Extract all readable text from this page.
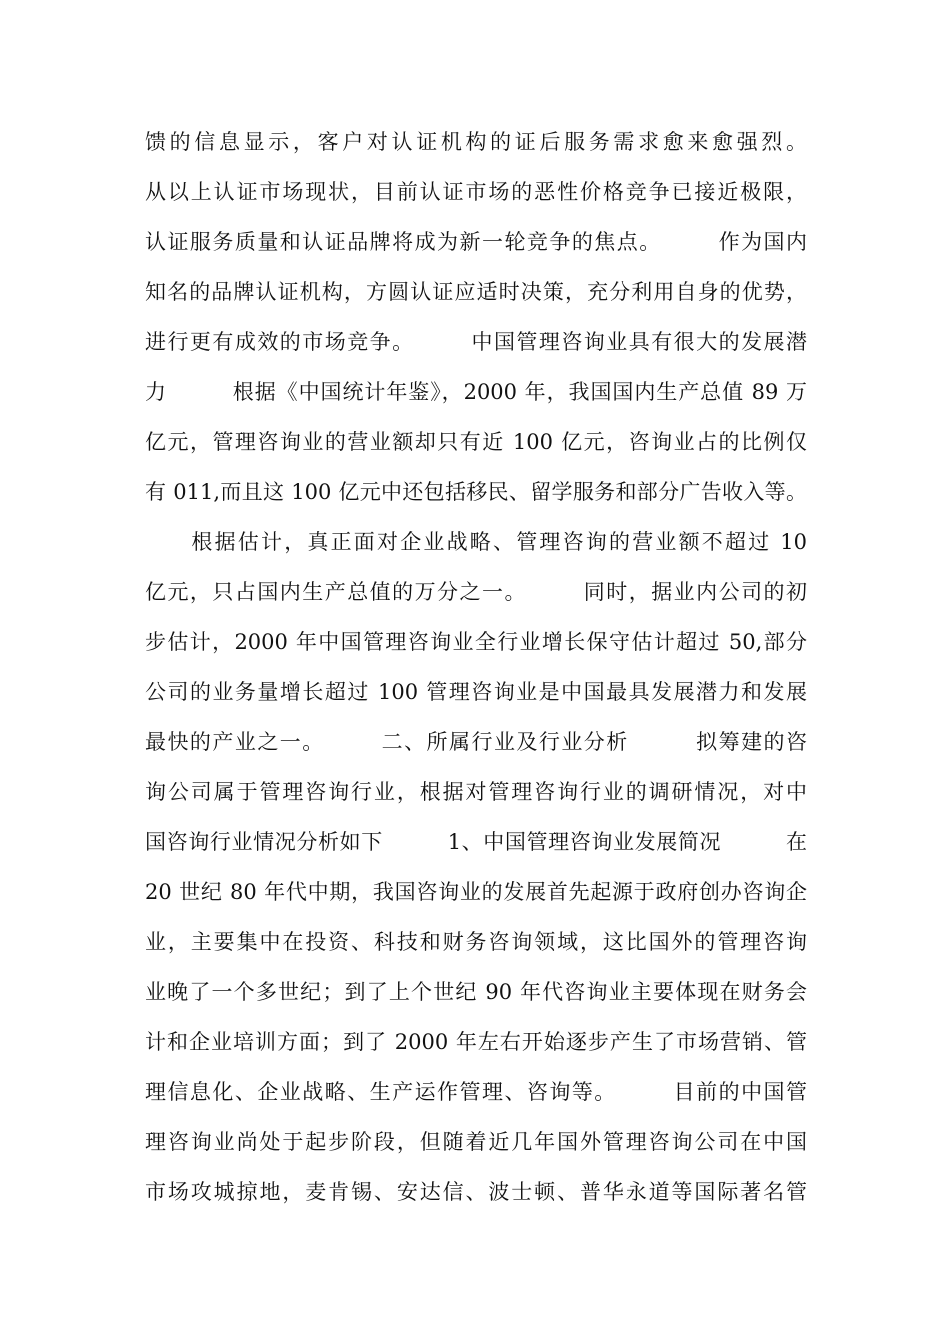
馈的信息显示，客户对认证机构的证后服务需求愈来愈强烈。
从以上认证市场现状，目前认证市场的恶性价格竞争已接近极限，
认证服务质量和认证品牌将成为新一轮竞争的焦点。　　　作为国内
知名的品牌认证机构，方圆认证应适时决策，充分利用自身的优势，
进行更有成效的市场竞争。　　　中国管理咨询业具有很大的发展潜
力　　　根据《中国统计年鉴》，2000 年，我国国内生产总值 89 万
亿元，管理咨询业的营业额却只有近 100 亿元，咨询业占的比例仅
有 011,而且这 100 亿元中还包括移民、留学服务和部分广告收入等。
　　根据估计，真正面对企业战略、管理咨询的营业额不超过 10
亿元，只占国内生产总值的万分之一。　　　同时，据业内公司的初
步估计，2000 年中国管理咨询业全行业增长保守估计超过 50,部分
公司的业务量增长超过 100 管理咨询业是中国最具发展潜力和发展
最快的产业之一。　　　二、所属行业及行业分析　　　拟筹建的咨
询公司属于管理咨询行业，根据对管理咨询行业的调研情况，对中
国咨询行业情况分析如下　　　1、中国管理咨询业发展简况　　　在
20 世纪 80 年代中期，我国咨询业的发展首先起源于政府创办咨询企
业，主要集中在投资、科技和财务咨询领域，这比国外的管理咨询
业晚了一个多世纪；到了上个世纪 90 年代咨询业主要体现在财务会
计和企业培训方面；到了 2000 年左右开始逐步产生了市场营销、管
理信息化、企业战略、生产运作管理、咨询等。　　　目前的中国管
理咨询业尚处于起步阶段，但随着近几年国外管理咨询公司在中国
市场攻城掠地，麦肯锡、安达信、波士顿、普华永道等国际著名管
